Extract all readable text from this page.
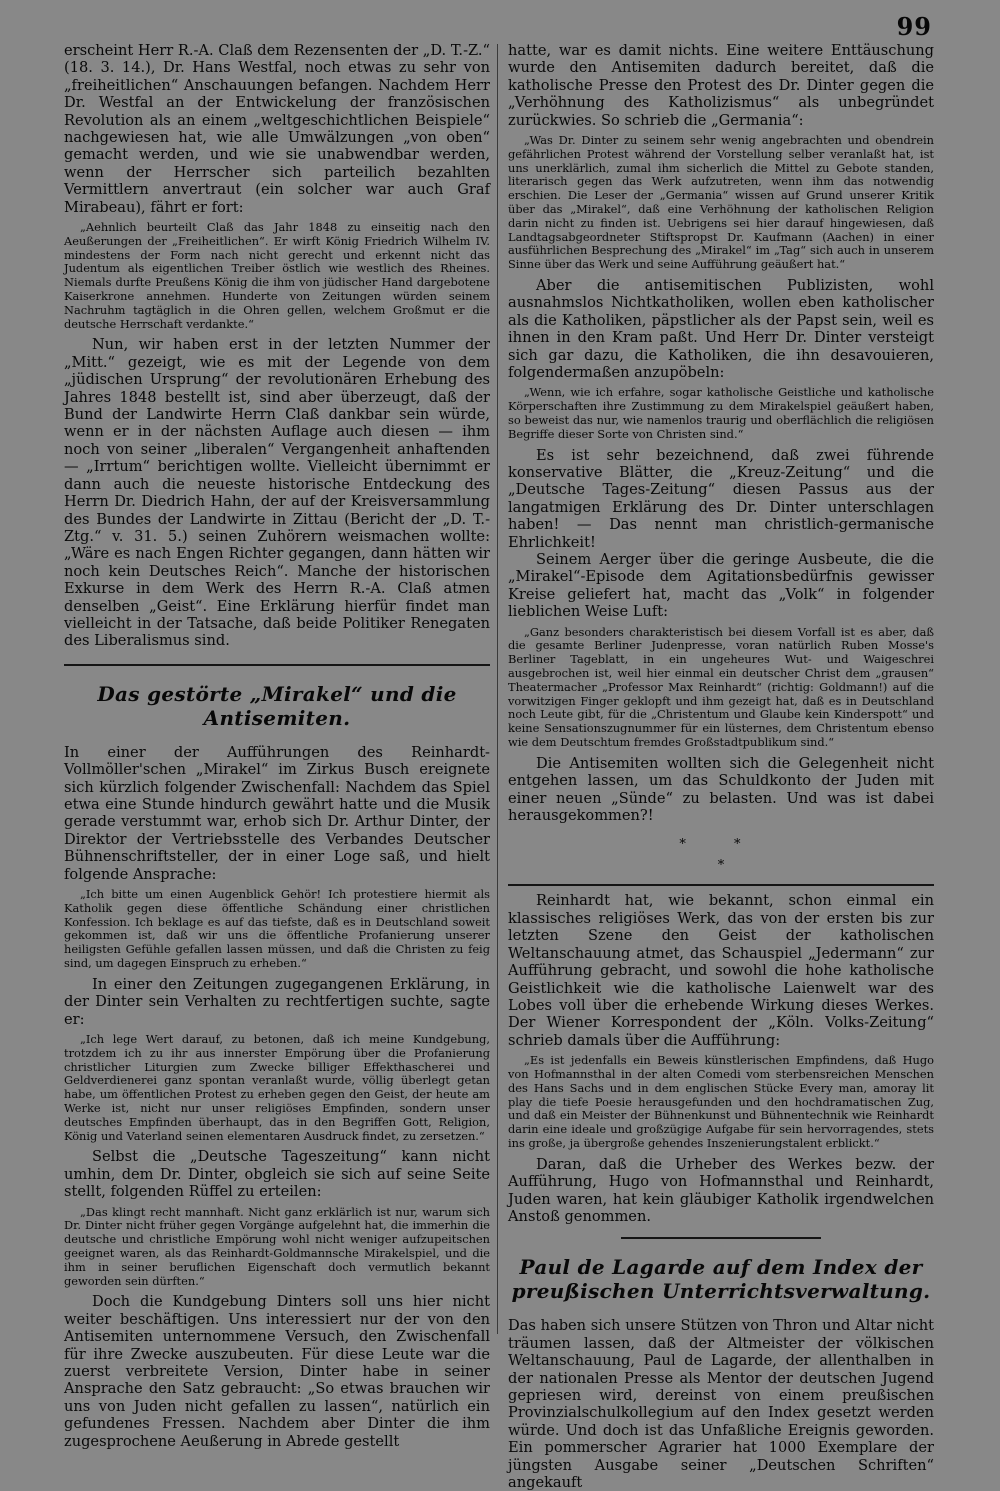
99

erscheint Herr R.-A. Claß dem Rezensenten der „D. T.-Z.“ (18. 3. 14.), Dr. Hans Westfal, noch etwas zu sehr von „freiheitlichen“ Anschauungen befangen. Nachdem Herr Dr. Westfal an der Entwickelung der französischen Revolution als an einem „weltgeschichtlichen Beispiele“ nachgewiesen hat, wie alle Umwälzungen „von oben“ gemacht werden, und wie sie unabwendbar werden, wenn der Herrscher sich parteilich bezahlten Vermittlern anvertraut (ein solcher war auch Graf Mirabeau), fährt er fort:

„Aehnlich beurteilt Claß das Jahr 1848 zu einseitig nach den Aeußerungen der „Freiheitlichen“. Er wirft König Friedrich Wilhelm IV. mindestens der Form nach nicht gerecht und erkennt nicht das Judentum als eigentlichen Treiber östlich wie westlich des Rheines. Niemals durfte Preußens König die ihm von jüdischer Hand dargebotene Kaiserkrone annehmen. Hunderte von Zeitungen würden seinem Nachruhm tagtäglich in die Ohren gellen, welchem Großmut er die deutsche Herrschaft verdankte.“

Nun, wir haben erst in der letzten Nummer der „Mitt.“ gezeigt, wie es mit der Legende von dem „jüdischen Ursprung“ der revolutionären Erhebung des Jahres 1848 bestellt ist, sind aber überzeugt, daß der Bund der Landwirte Herrn Claß dankbar sein würde, wenn er in der nächsten Auflage auch diesen — ihm noch von seiner „liberalen“ Vergangenheit anhaftenden — „Irrtum“ berichtigen wollte. Vielleicht übernimmt er dann auch die neueste historische Entdeckung des Herrn Dr. Diedrich Hahn, der auf der Kreisversammlung des Bundes der Landwirte in Zittau (Bericht der „D. T.-Ztg.“ v. 31. 5.) seinen Zuhörern weismachen wollte: „Wäre es nach Engen Richter gegangen, dann hätten wir noch kein Deutsches Reich“. Manche der historischen Exkurse in dem Werk des Herrn R.-A. Claß atmen denselben „Geist“. Eine Erklärung hierfür findet man vielleicht in der Tatsache, daß beide Politiker Renegaten des Liberalismus sind.

Das gestörte „Mirakel“ und die Antisemiten.

In einer der Aufführungen des Reinhardt-Vollmöller'schen „Mirakel“ im Zirkus Busch ereignete sich kürzlich folgender Zwischenfall: Nachdem das Spiel etwa eine Stunde hindurch gewährt hatte und die Musik gerade verstummt war, erhob sich Dr. Arthur Dinter, der Direktor der Vertriebsstelle des Verbandes Deutscher Bühnenschriftsteller, der in einer Loge saß, und hielt folgende Ansprache:

„Ich bitte um einen Augenblick Gehör! Ich protestiere hiermit als Katholik gegen diese öffentliche Schändung einer christlichen Konfession. Ich beklage es auf das tiefste, daß es in Deutschland soweit gekommen ist, daß wir uns die öffentliche Profanierung unserer heiligsten Gefühle gefallen lassen müssen, und daß die Christen zu feig sind, um dagegen Einspruch zu erheben.“

In einer den Zeitungen zugegangenen Erklärung, in der Dinter sein Verhalten zu rechtfertigen suchte, sagte er:

„Ich lege Wert darauf, zu betonen, daß ich meine Kundgebung, trotzdem ich zu ihr aus innerster Empörung über die Profanierung christlicher Liturgien zum Zwecke billiger Effekthascherei und Geldverdienerei ganz spontan veranlaßt wurde, völlig überlegt getan habe, um öffentlichen Protest zu erheben gegen den Geist, der heute am Werke ist, nicht nur unser religiöses Empfinden, sondern unser deutsches Empfinden überhaupt, das in den Begriffen Gott, Religion, König und Vaterland seinen elementaren Ausdruck findet, zu zersetzen.“

Selbst die „Deutsche Tageszeitung“ kann nicht umhin, dem Dr. Dinter, obgleich sie sich auf seine Seite stellt, folgenden Rüffel zu erteilen:

„Das klingt recht mannhaft. Nicht ganz erklärlich ist nur, warum sich Dr. Dinter nicht früher gegen Vorgänge aufgelehnt hat, die immerhin die deutsche und christliche Empörung wohl nicht weniger aufzupeitschen geeignet waren, als das Reinhardt-Goldmannsche Mirakelspiel, und die ihm in seiner beruflichen Eigenschaft doch vermutlich bekannt geworden sein dürften.“

Doch die Kundgebung Dinters soll uns hier nicht weiter beschäftigen. Uns interessiert nur der von den Antisemiten unternommene Versuch, den Zwischenfall für ihre Zwecke auszubeuten. Für diese Leute war die zuerst verbreitete Version, Dinter habe in seiner Ansprache den Satz gebraucht: „So etwas brauchen wir uns von Juden nicht gefallen zu lassen“, natürlich ein gefundenes Fressen. Nachdem aber Dinter die ihm zugesprochene Aeußerung in Abrede gestellt

hatte, war es damit nichts. Eine weitere Enttäuschung wurde den Antisemiten dadurch bereitet, daß die katholische Presse den Protest des Dr. Dinter gegen die „Verhöhnung des Katholizismus“ als unbegründet zurückwies. So schrieb die „Germania“:

„Was Dr. Dinter zu seinem sehr wenig angebrachten und obendrein gefährlichen Protest während der Vorstellung selber veranlaßt hat, ist uns unerklärlich, zumal ihm sicherlich die Mittel zu Gebote standen, literarisch gegen das Werk aufzutreten, wenn ihm das notwendig erschien. Die Leser der „Germania“ wissen auf Grund unserer Kritik über das „Mirakel“, daß eine Verhöhnung der katholischen Religion darin nicht zu finden ist. Uebrigens sei hier darauf hingewiesen, daß Landtagsabgeordneter Stiftspropst Dr. Kaufmann (Aachen) in einer ausführlichen Besprechung des „Mirakel“ im „Tag“ sich auch in unserem Sinne über das Werk und seine Aufführung geäußert hat.“

Aber die antisemitischen Publizisten, wohl ausnahmslos Nichtkatholiken, wollen eben katholischer als die Katholiken, päpstlicher als der Papst sein, weil es ihnen in den Kram paßt. Und Herr Dr. Dinter versteigt sich gar dazu, die Katholiken, die ihn desavouieren, folgendermaßen anzupöbeln:

„Wenn, wie ich erfahre, sogar katholische Geistliche und katholische Körperschaften ihre Zustimmung zu dem Mirakelspiel geäußert haben, so beweist das nur, wie namenlos traurig und oberflächlich die religiösen Begriffe dieser Sorte von Christen sind.“

Es ist sehr bezeichnend, daß zwei führende konservative Blätter, die „Kreuz-Zeitung“ und die „Deutsche Tages-Zeitung“ diesen Passus aus der langatmigen Erklärung des Dr. Dinter unterschlagen haben! — Das nennt man christlich-germanische Ehrlichkeit!

Seinem Aerger über die geringe Ausbeute, die die „Mirakel“-Episode dem Agitationsbedürfnis gewisser Kreise geliefert hat, macht das „Volk“ in folgender lieblichen Weise Luft:

„Ganz besonders charakteristisch bei diesem Vorfall ist es aber, daß die gesamte Berliner Judenpresse, voran natürlich Ruben Mosse's Berliner Tageblatt, in ein ungeheures Wut- und Waigeschrei ausgebrochen ist, weil hier einmal ein deutscher Christ dem „grausen“ Theatermacher „Professor Max Reinhardt“ (richtig: Goldmann!) auf die vorwitzigen Finger geklopft und ihm gezeigt hat, daß es in Deutschland noch Leute gibt, für die „Christentum und Glaube kein Kinderspott“ und keine Sensationszugnummer für ein lüsternes, dem Christentum ebenso wie dem Deutschtum fremdes Großstadtpublikum sind.“

Die Antisemiten wollten sich die Gelegenheit nicht entgehen lassen, um das Schuldkonto der Juden mit einer neuen „Sünde“ zu belasten. Und was ist dabei herausgekommen?!

* *
*

Reinhardt hat, wie bekannt, schon einmal ein klassisches religiöses Werk, das von der ersten bis zur letzten Szene den Geist der katholischen Weltanschauung atmet, das Schauspiel „Jedermann“ zur Aufführung gebracht, und sowohl die hohe katholische Geistlichkeit wie die katholische Laienwelt war des Lobes voll über die erhebende Wirkung dieses Werkes. Der Wiener Korrespondent der „Köln. Volks-Zeitung“ schrieb damals über die Aufführung:

„Es ist jedenfalls ein Beweis künstlerischen Empfindens, daß Hugo von Hofmannsthal in der alten Comedi vom sterbensreichen Menschen des Hans Sachs und in dem englischen Stücke Every man, amoray lit play die tiefe Poesie herausgefunden und den hochdramatischen Zug, und daß ein Meister der Bühnenkunst und Bühnentechnik wie Reinhardt darin eine ideale und großzügige Aufgabe für sein hervorragendes, stets ins große, ja übergroße gehendes Inszenierungstalent erblickt.“

Daran, daß die Urheber des Werkes bezw. der Aufführung, Hugo von Hofmannsthal und Reinhardt, Juden waren, hat kein gläubiger Katholik irgendwelchen Anstoß genommen.

Paul de Lagarde auf dem Index der preußischen Unterrichtsverwaltung.

Das haben sich unsere Stützen von Thron und Altar nicht träumen lassen, daß der Altmeister der völkischen Weltanschauung, Paul de Lagarde, der allenthalben in der nationalen Presse als Mentor der deutschen Jugend gepriesen wird, dereinst von einem preußischen Provinzialschulkollegium auf den Index gesetzt werden würde. Und doch ist das Unfaßliche Ereignis geworden. Ein pommerscher Agrarier hat 1000 Exemplare der jüngsten Ausgabe seiner „Deutschen Schriften“ angekauft
